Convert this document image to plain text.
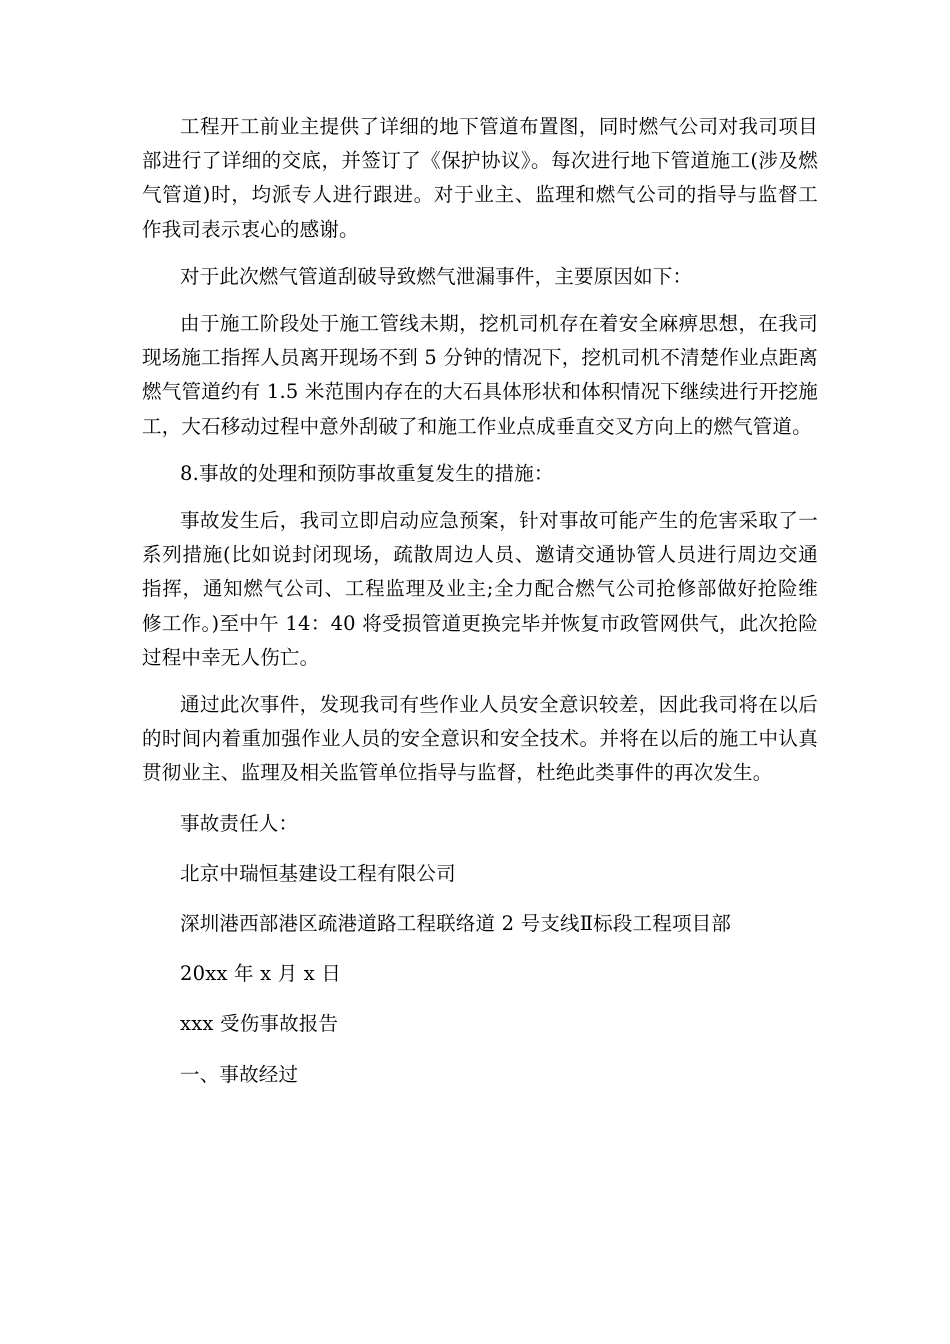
工程开工前业主提供了详细的地下管道布置图，同时燃气公司对我司项目部进行了详细的交底，并签订了《保护协议》。每次进行地下管道施工(涉及燃气管道)时，均派专人进行跟进。对于业主、监理和燃气公司的指导与监督工作我司表示衷心的感谢。

对于此次燃气管道刮破导致燃气泄漏事件，主要原因如下：

由于施工阶段处于施工管线未期，挖机司机存在着安全麻痹思想，在我司现场施工指挥人员离开现场不到 5 分钟的情况下，挖机司机不清楚作业点距离燃气管道约有 1.5 米范围内存在的大石具体形状和体积情况下继续进行开挖施工，大石移动过程中意外刮破了和施工作业点成垂直交叉方向上的燃气管道。

8.事故的处理和预防事故重复发生的措施：

事故发生后，我司立即启动应急预案，针对事故可能产生的危害采取了一系列措施(比如说封闭现场，疏散周边人员、邀请交通协管人员进行周边交通指挥，通知燃气公司、工程监理及业主;全力配合燃气公司抢修部做好抢险维修工作。)至中午 14：40 将受损管道更换完毕并恢复市政管网供气，此次抢险过程中幸无人伤亡。

通过此次事件，发现我司有些作业人员安全意识较差，因此我司将在以后的时间内着重加强作业人员的安全意识和安全技术。并将在以后的施工中认真贯彻业主、监理及相关监管单位指导与监督，杜绝此类事件的再次发生。

事故责任人：

北京中瑞恒基建设工程有限公司

深圳港西部港区疏港道路工程联络道 2 号支线Ⅱ标段工程项目部

20xx 年 x 月 x 日

xxx 受伤事故报告

一、事故经过
